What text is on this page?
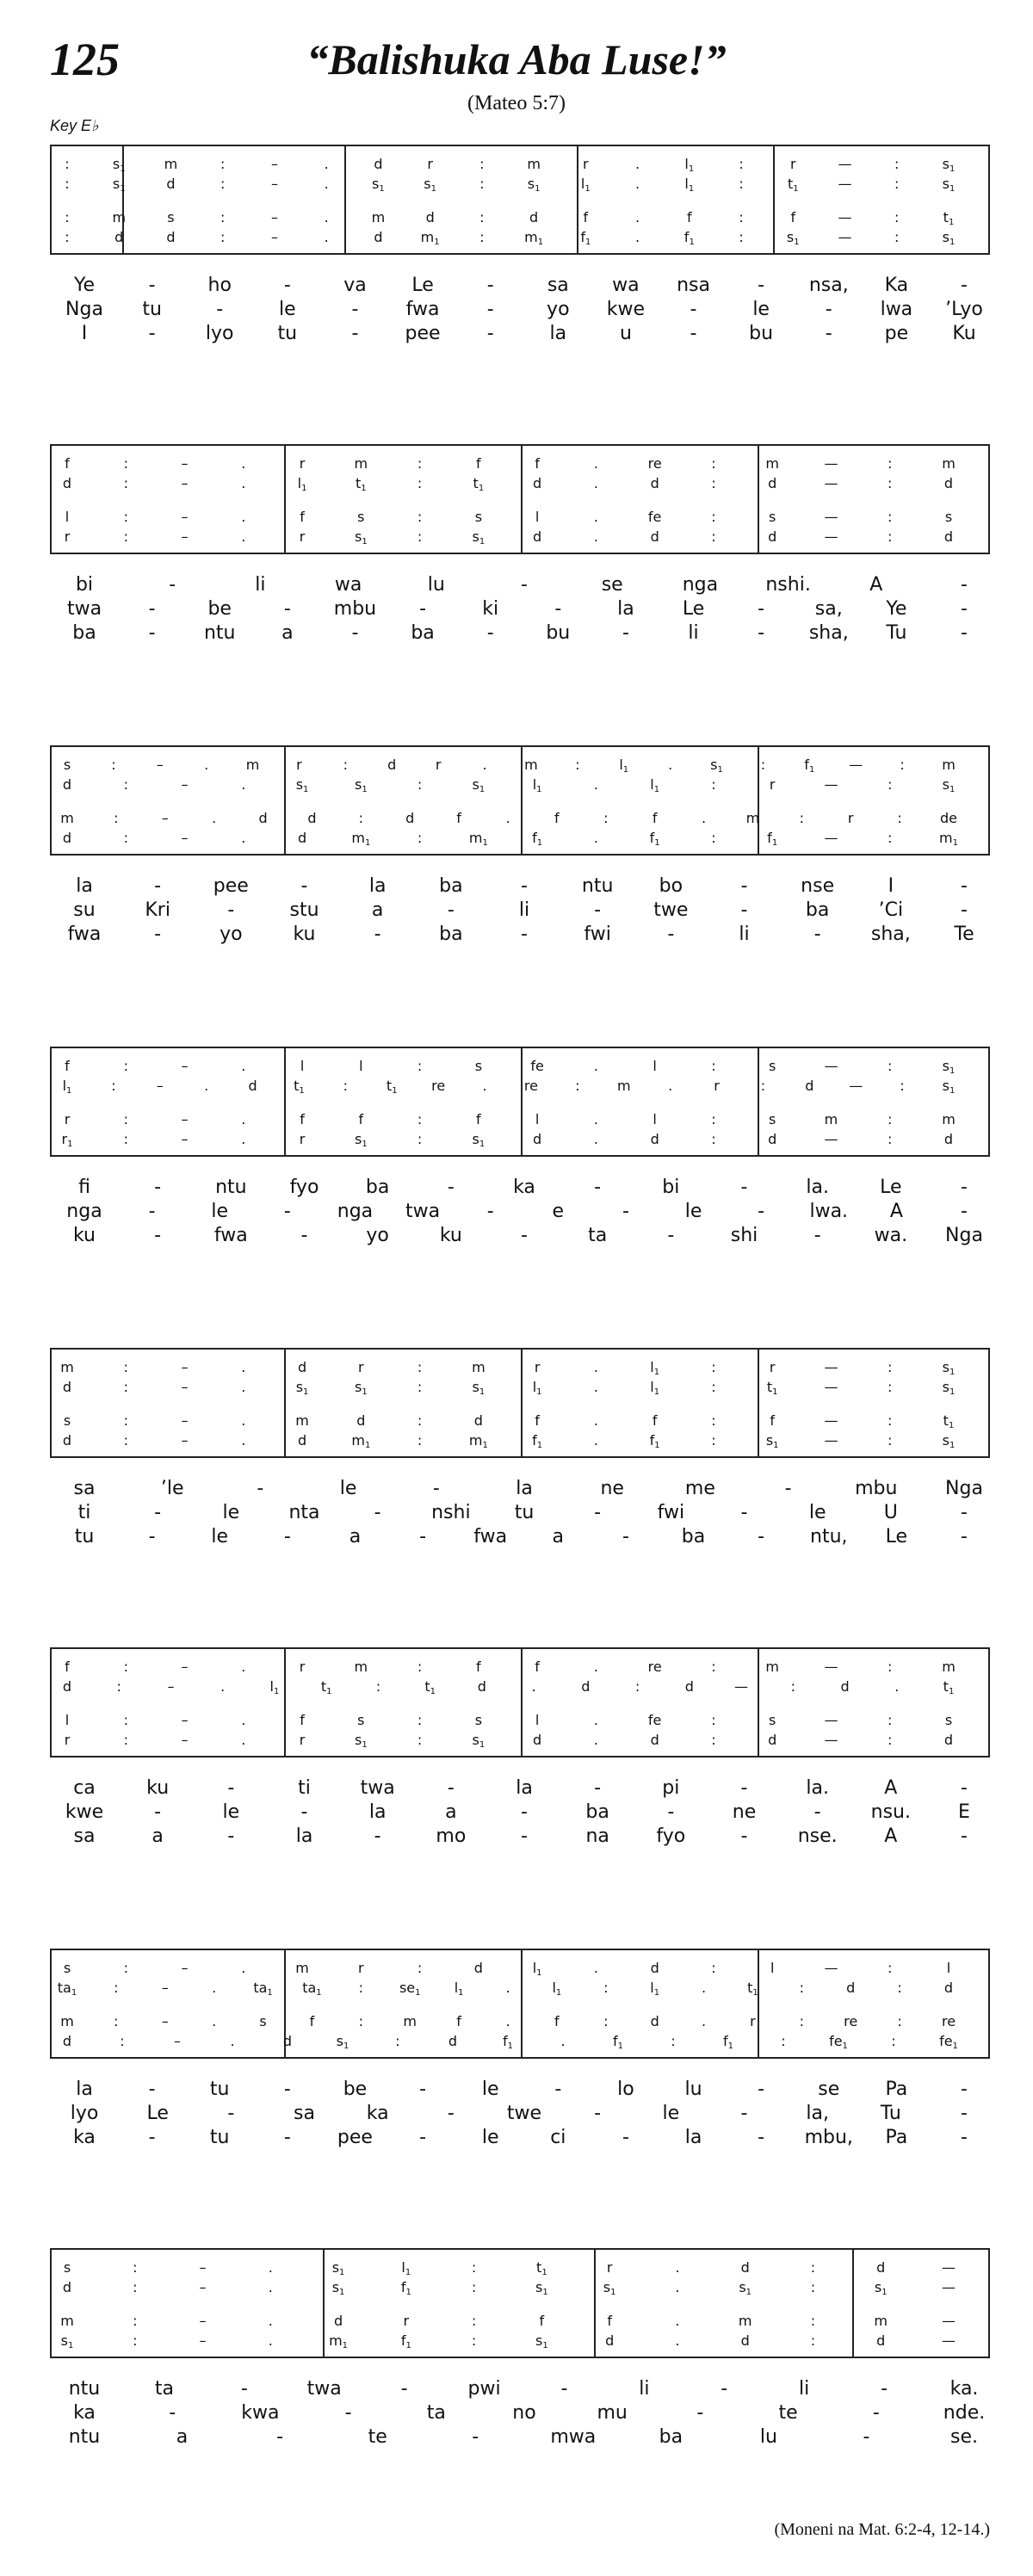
125	“Balishuka Aba Luse!”
(Mateo 5:7)
Key E♭
:	$s_1$	m	:	–	.	d	r	:	m	r	.	$l_1$	:	r	—	:	$s_1$
:	$s_1$	d	:	–	.	$s_1$	$s_1$	:	$s_1$	$l_1$	.	$l_1$	:	$t_1$	—	:	$s_1$
:	m	s	:	–	.	m	d	:	d	f	.	f	:	f	—	:	$t_1$
:	d	d	:	–	.	d	$m_1$	:	$m_1$	$f_1$	.	$f_1$	:	$s_1$	—	:	$s_1$
Ye	-	ho	-	va Le	-	sa wa nsa	- nsa, Ka	-
Nga tu	-	le	-	fwa	-	yo kwe -	le	-	lwa ’Lyo
I	-	lyo tu	- pee -	la	u	-	bu	-	pe Ku
f	:	–	.	r	m	:	f	f	.	re	:	m	—	:	m
d	:	–	.	$l_1$	$t_1$	:	$t_1$	d	.	d	:	d	—	:	d
l	:	–	.	f	s	:	s	l	.	fe	:	s	—	:	s
r	:	–	.	r	$s_1$	:	$s_1$	d	.	d	:	d	—	:	d
bi	-	li	wa	lu	-	se	nga	nshi.	A	-
twa -	be	- mbu -	ki	-	la	Le	-	sa, Ye	-
ba	-	ntu a	-	ba	-	bu	-	li	- sha, Tu	-
s	:	–	.	m	r	:	d	r	.	m	:	$l_1$	.	$s_1$	:	$f_1$ —	:	m
d	:	–	.	$s_1$	$s_1$	:	$s_1$	$l_1$	.	$l_1$	:	r	—	:	$s_1$
m	:	–	.	d	d	:	d	f	.	f	:	f	.	m	:	r	:	de
d	:	–	.	d	$m_1$	:	$m_1$	$f_1$	.	$f_1$	:	$f_1$	—	:	$m_1$
la	-	pee	-	la	ba	-	ntu bo	-	nse	I	-
su	Kri	-	stu	a	-	li	-	twe	-	ba	’Ci	-
fwa	-	yo	ku	-	ba	-	fwi	-	li	-	sha, Te
f	:	–	.	l	l	:	s	fe	.	l	:	s	—	:	$s_1$
$l_1$	:	–	.	d	$t_1$	:	$t_1$ re	.	re	:	m	.	r	:	d	—	:	$s_1$
r	:	–	.	f	f	:	f	l	.	l	:	s	m	:	m
$r_1$	:	–	.	r	$s_1$	:	$s_1$	d	.	d	:	d	—	:	d
fi	-	ntu fyo ba	-	ka	-	bi	-	la.	Le	-
nga -	le	- nga twa -	e	-	le	- lwa. A	-
ku	-	fwa	-	yo	ku	-	ta	-	shi	-	wa. Nga
m	:	–	.	d	r	:	m	r	.	$l_1$	:	r	—	:	$s_1$
d	:	–	.	$s_1$	$s_1$	:	$s_1$	$l_1$	.	$l_1$	:	$t_1$	—	:	$s_1$
s	:	–	.	m	d	:	d	f	.	f	:	f	—	:	$t_1$
d	:	–	.	d	$m_1$	:	$m_1$	$f_1$	.	$f_1$	:	$s_1$	—	:	$s_1$
sa	’le	-	le	-	la	ne	me	-	mbu	Nga
ti	-	le	nta	-	nshi tu	-	fwi	-	le	U	-
tu	-	le	-	a	-	fwa a	-	ba	- ntu, Le	-
f	:	–	.	r	m	:	f	f	.	re	:	m	—	:	m
d	:	–	.	$l_1$	$t_1$	:	$t_1$	d	.	d	:	d	—	:	d	.	$t_1$
l	:	–	.	f	s	:	s	l	.	fe	:	s	—	:	s
r	:	–	.	r	$s_1$	:	$s_1$	d	.	d	:	d	—	:	d
ca	ku	-	ti	twa	-	la	-	pi	-	la.	A	-
kwe	-	le	-	la	a	-	ba	-	ne	-	nsu.	E
sa	a	-	la	-	mo	-	na fyo	-	nse. A	-
s	:	–	.	m	r	:	d	$l_1$	.	d	:	l	—	:	l
$ta_1$	:	–	.	$ta_1$ $ta_1$	:	$se_1$ $l_1$	.	$l_1$	:	$l_1$	.	$t_1$	:	d	:	d
m	:	–	.	s	f	:	m	f	.	f	:	d	.	r	:	re	:	re
d	:	–	.	d	$s_1$	:	d	$f_1$	.	$f_1$	:	$f_1$	:	$fe_1$	:	$fe_1$
la	-	tu	-	be	-	le	-	lo	lu	-	se Pa	-
lyo	Le	-	sa	ka	-	twe	-	le	-	la,	Tu	-
ka	-	tu	- pee -	le	ci	-	la	- mbu, Pa	-
s	:	–	.	$s_1$	$l_1$	:	$t_1$	r	.	d	:	d	—
d	:	–	.	$s_1$	$f_1$	:	$s_1$	$s_1$	.	$s_1$	:	$s_1$	—
m	:	–	.	d	r	:	f	f	.	m	:	m	—
$s_1$	:	–	.	$m_1$	$f_1$	:	$s_1$	d	.	d	:	d	—
ntu	ta	-	twa	-	pwi	-	li	-	li	-	ka.
ka	-	kwa	-	ta	no	mu	-	te	-	nde.
ntu	a	-	te	-	mwa	ba	lu	-	se.
(Moneni na Mat. 6:2-4, 12-14.)
